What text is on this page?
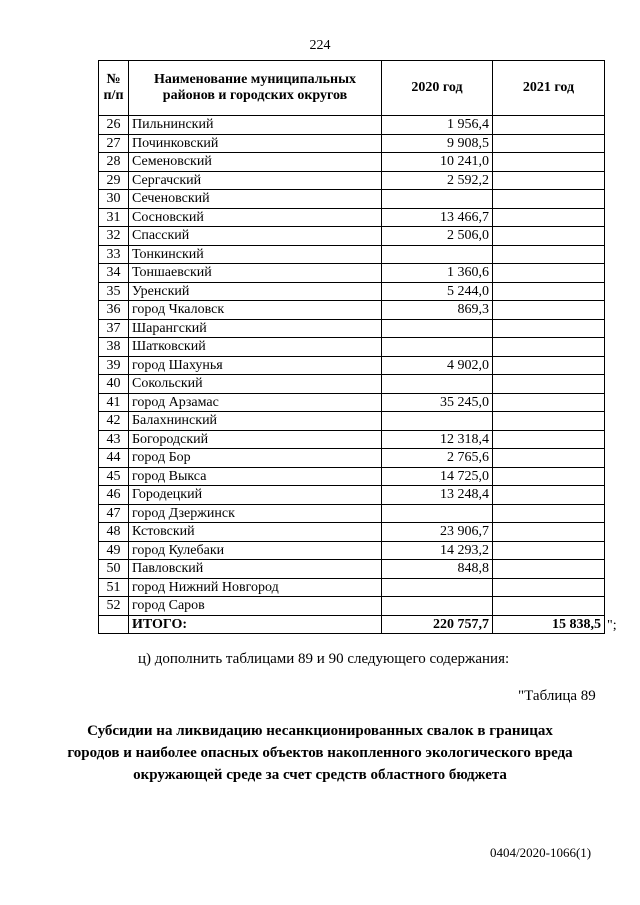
224
№ п/п	Наименование муниципальных районов и городских округов	2020 год	2021 год
26	Пильнинский	1 956,4	
27	Починковский	9 908,5	
28	Семеновский	10 241,0	
29	Сергачский	2 592,2	
30	Сеченовский		
31	Сосновский	13 466,7	
32	Спасский	2 506,0	
33	Тонкинский		
34	Тоншаевский	1 360,6	
35	Уренский	5 244,0	
36	город Чкаловск	869,3	
37	Шарангский		
38	Шатковский		
39	город Шахунья	4 902,0	
40	Сокольский		
41	город Арзамас	35 245,0	
42	Балахнинский		
43	Богородский	12 318,4	
44	город Бор	2 765,6	
45	город Выкса	14 725,0	
46	Городецкий	13 248,4	
47	город Дзержинск		
48	Кстовский	23 906,7	
49	город Кулебаки	14 293,2	
50	Павловский	848,8	
51	город Нижний Новгород		
52	город Саров		
	ИТОГО:	220 757,7	15 838,5 ";
ц) дополнить таблицами 89 и 90 следующего содержания:
"Таблица 89
Субсидии на ликвидацию несанкционированных свалок в границах городов и наиболее опасных объектов накопленного экологического вреда окружающей среде за счет средств областного бюджета
0404/2020-1066(1)
